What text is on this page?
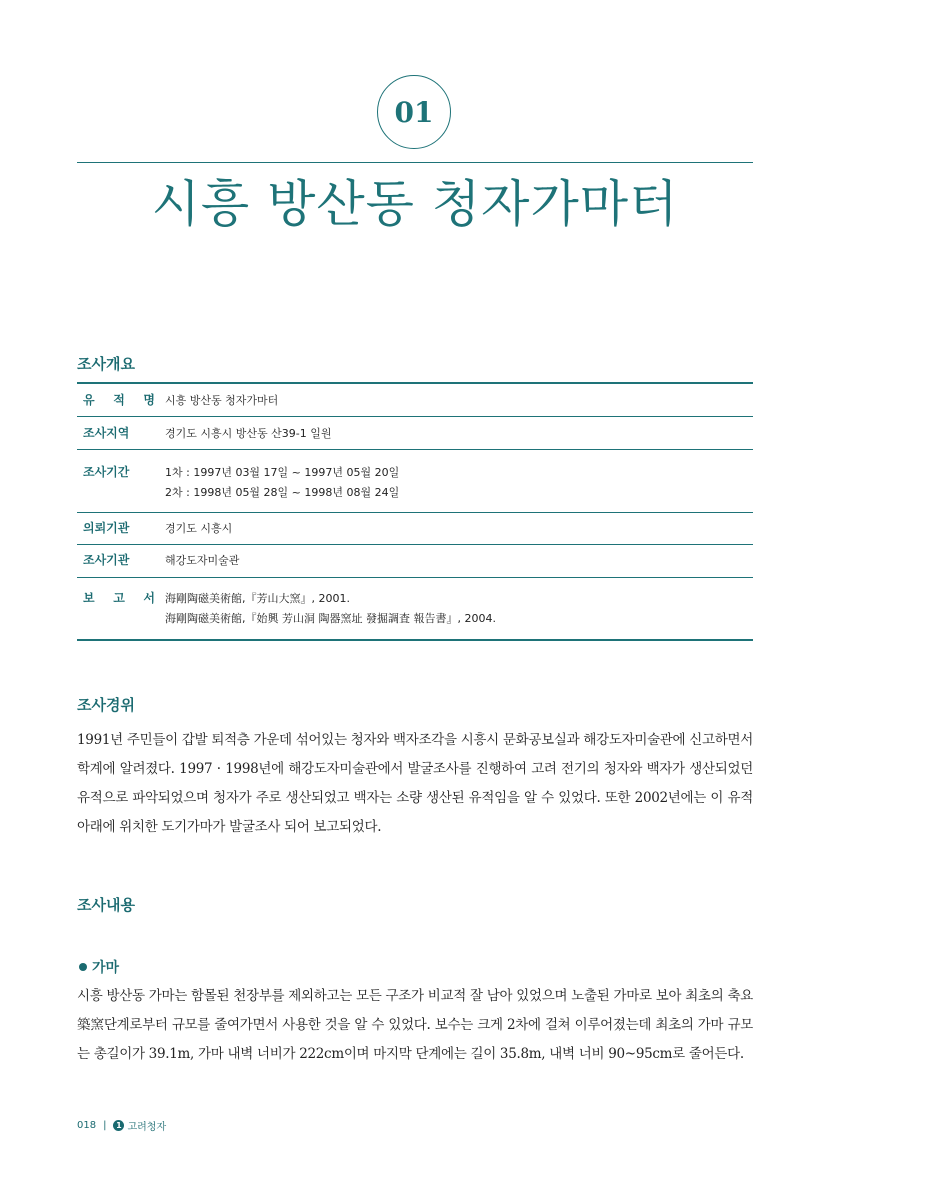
01
시흥 방산동 청자가마터
조사개요
유 적 명	시흥 방산동 청자가마터

조사지역	경기도 시흥시 방산동 산39-1 일원

조사기간	1차 : 1997년 03월 17일 ~ 1997년 05월 20일
2차 : 1998년 05월 28일 ~ 1998년 08월 24일

의뢰기관	경기도 시흥시

조사기관	해강도자미술관

보 고 서	海剛陶磁美術館,『芳山大窯』, 2001.
海剛陶磁美術館,『始興 芳山洞 陶器窯址 發掘調査 報告書』, 2004.
조사경위

1991년 주민들이 갑발 퇴적층 가운데 섞어있는 청자와 백자조각을 시흥시 문화공보실과 해강도자미술관에 신고하면서 학계에 알려졌다. 1997 · 1998년에 해강도자미술관에서 발굴조사를 진행하여 고려 전기의 청자와 백자가 생산되었던 유적으로 파악되었으며 청자가 주로 생산되었고 백자는 소량 생산된 유적임을 알 수 있었다. 또한 2002년에는 이 유적 아래에 위치한 도기가마가 발굴조사 되어 보고되었다.

조사내용
가마

시흥 방산동 가마는 함몰된 천장부를 제외하고는 모든 구조가 비교적 잘 남아 있었으며 노출된 가마로 보아 최초의 축요築窯단계로부터 규모를 줄여가면서 사용한 것을 알 수 있었다. 보수는 크게 2차에 걸쳐 이루어졌는데 최초의 가마 규모는 총길이가 39.1m, 가마 내벽 너비가 222cm이며 마지막 단계에는 길이 35.8m, 내벽 너비 90~95cm로 줄어든다.

018 |	1 고려청자
